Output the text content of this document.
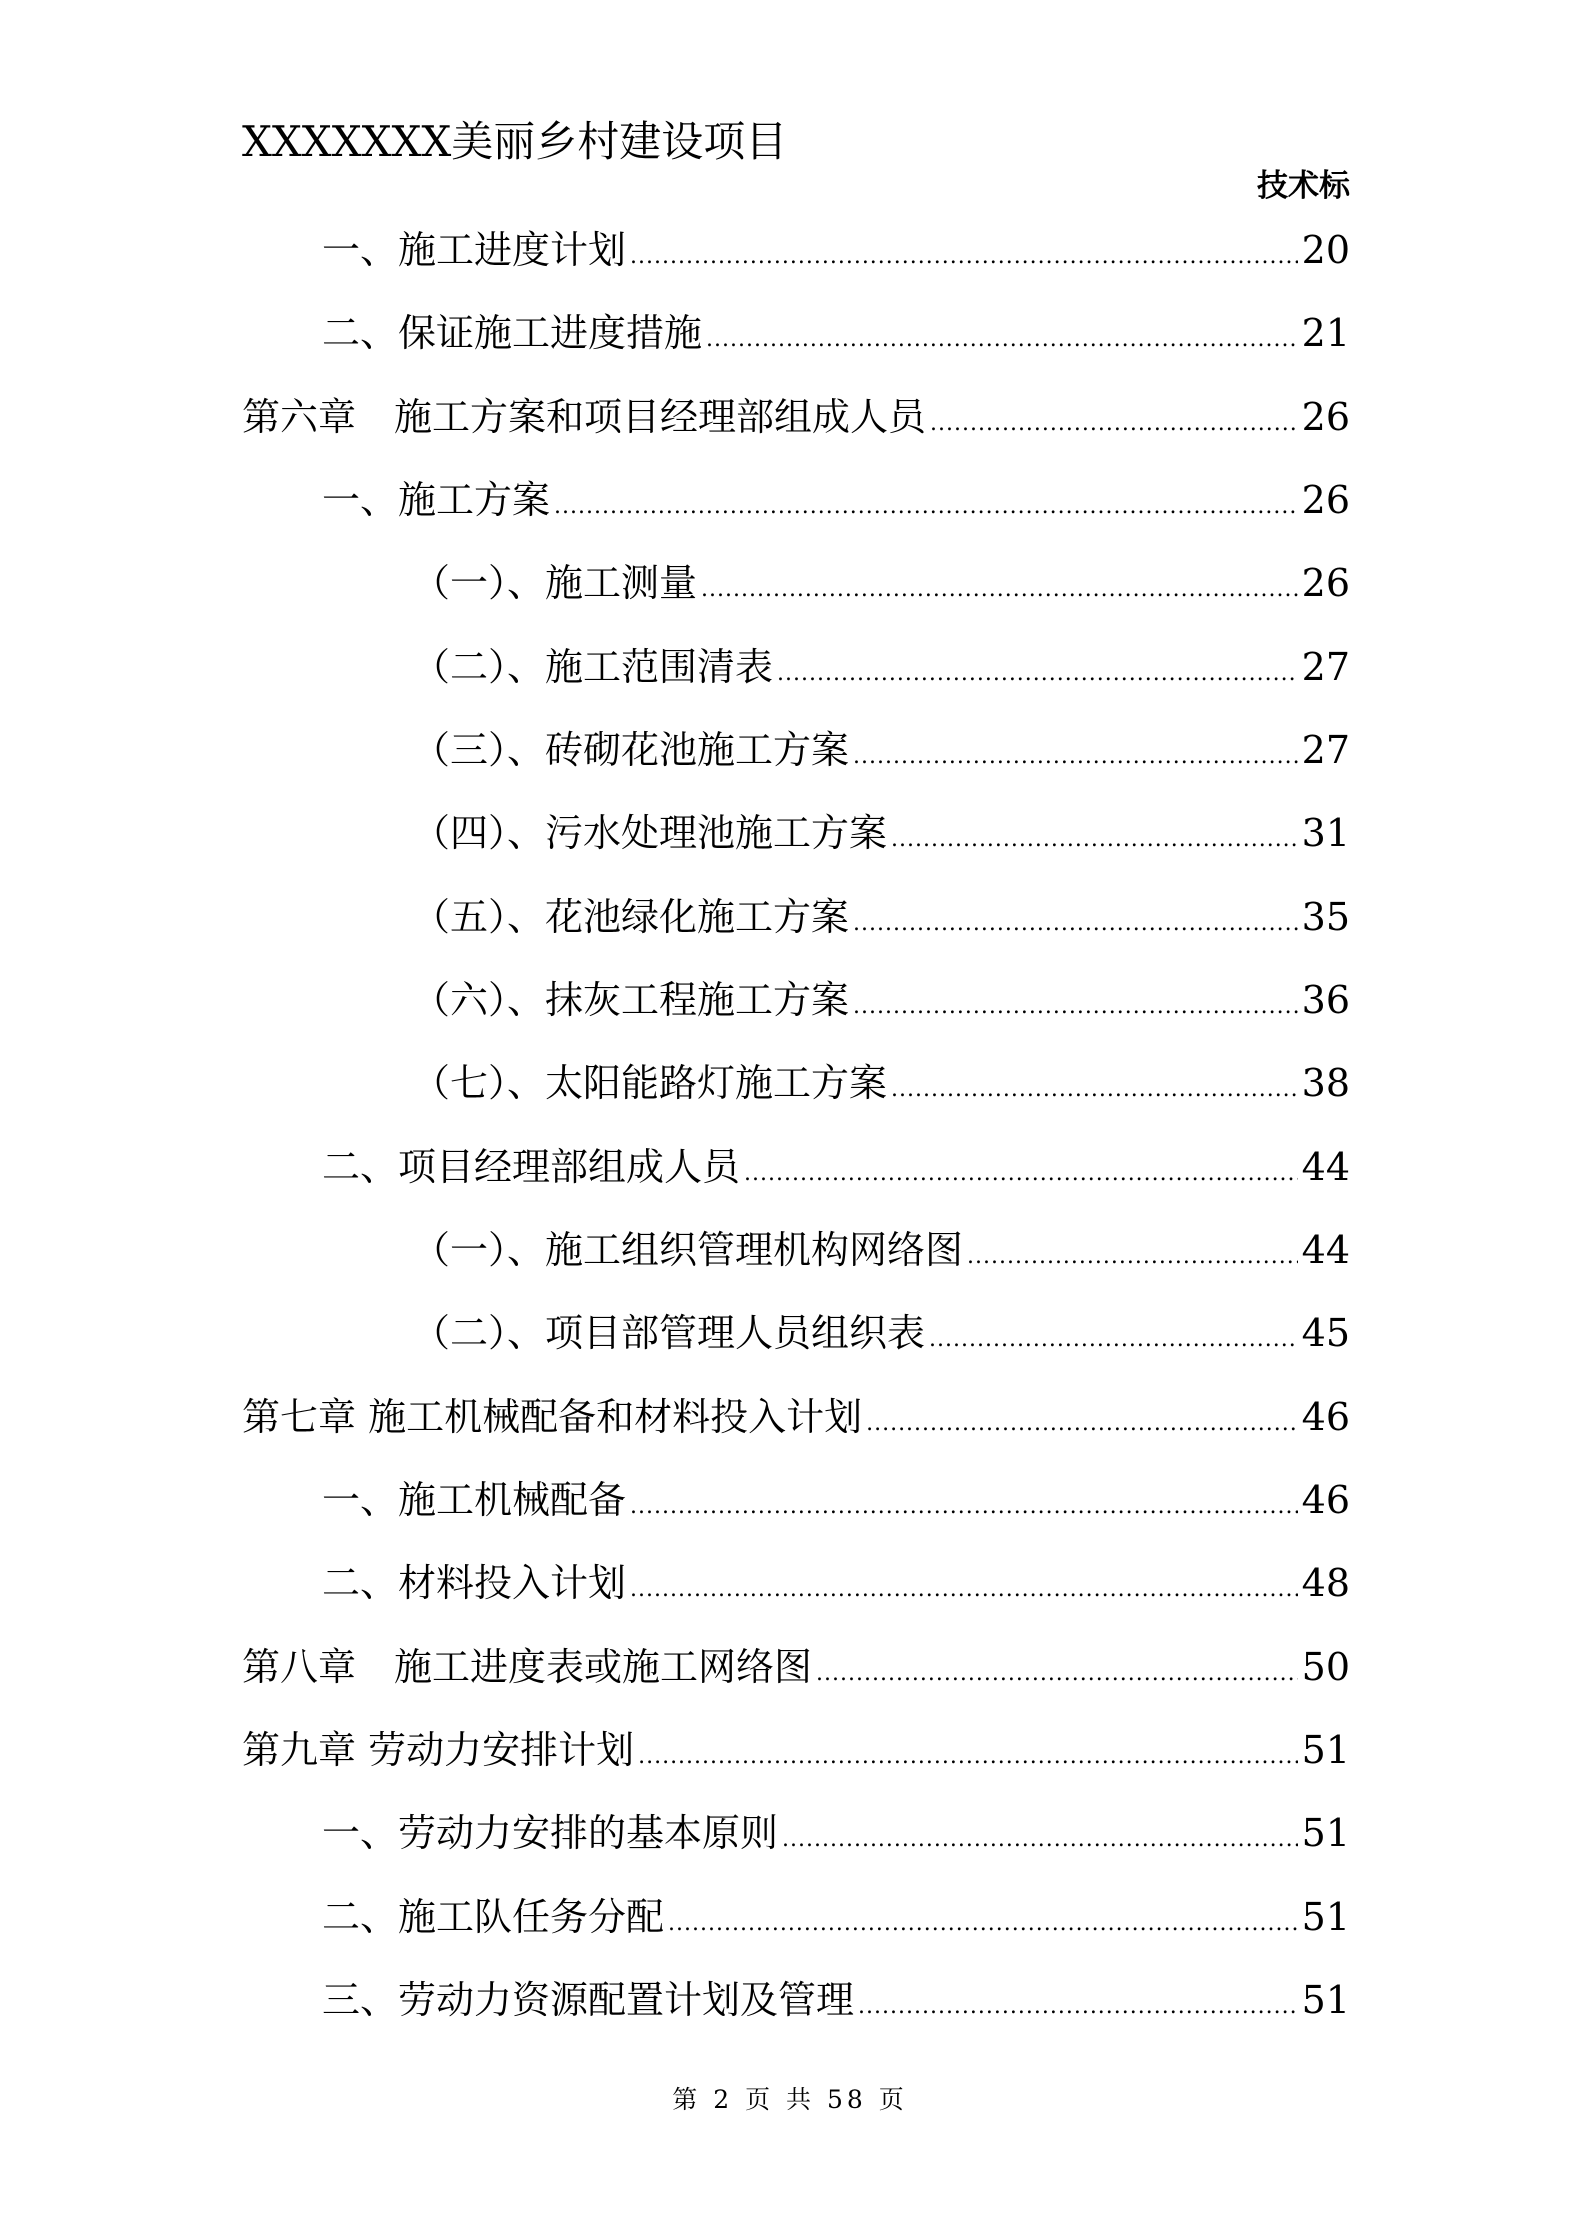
XXXXXXX美丽乡村建设项目
技术标
一、施工进度计划 .....	20
二、保证施工进度措施 .....	21
第六章　施工方案和项目经理部组成人员 .....	26
一、施工方案 .....	26
（一）、施工测量 .....	26
（二）、施工范围清表 .....	27
（三）、砖砌花池施工方案 .....	27
（四）、污水处理池施工方案 .....	31
（五）、花池绿化施工方案 .....	35
（六）、抹灰工程施工方案 .....	36
（七）、太阳能路灯施工方案 .....	38
二、项目经理部组成人员 .....	44
（一）、施工组织管理机构网络图 .....	44
（二）、项目部管理人员组织表 .....	45
第七章 施工机械配备和材料投入计划 .....	46
一、施工机械配备 .....	46
二、材料投入计划 .....	48
第八章　施工进度表或施工网络图 .....	50
第九章 劳动力安排计划 .....	51
一、劳动力安排的基本原则 .....	51
二、施工队任务分配 .....	51
三、劳动力资源配置计划及管理 .....	51
第 2 页 共 58 页
